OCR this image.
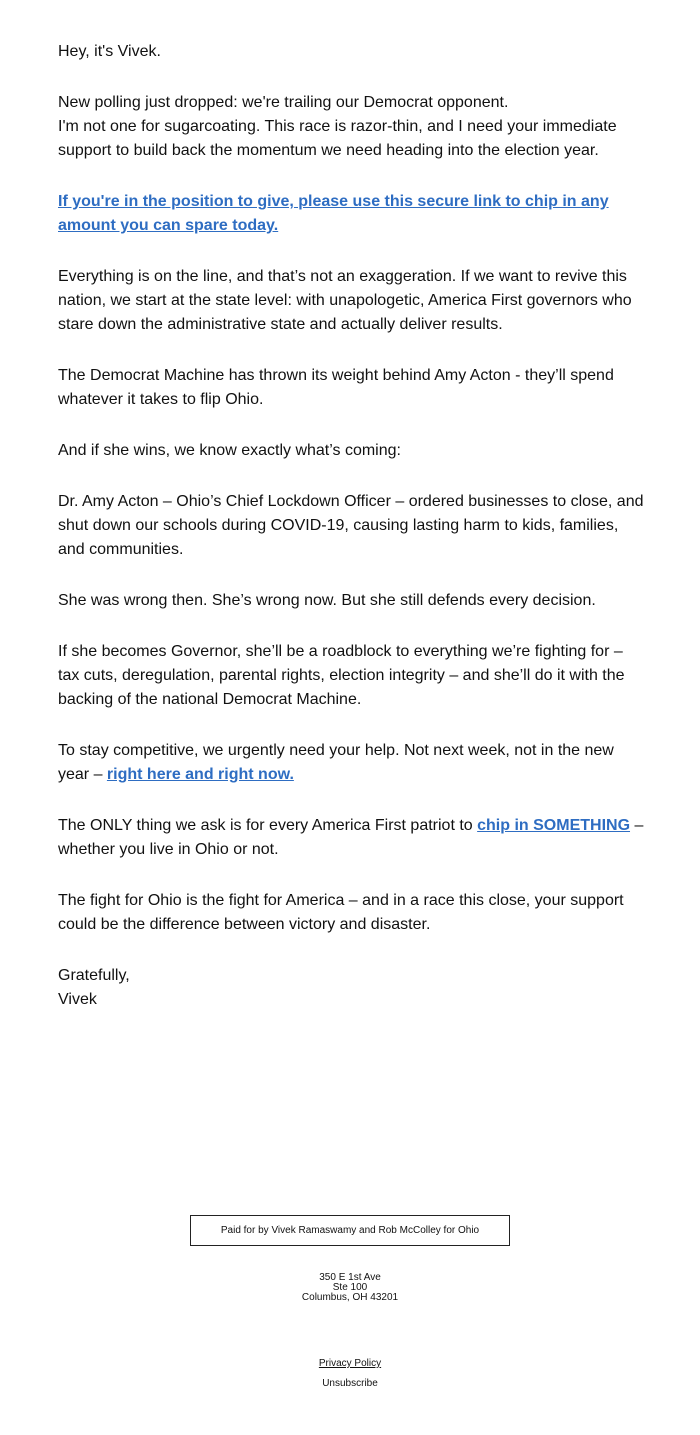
Hey, it's Vivek.

New polling just dropped: we're trailing our Democrat opponent.
I'm not one for sugarcoating. This race is razor-thin, and I need your immediate support to build back the momentum we need heading into the election year.

If you're in the position to give, please use this secure link to chip in any amount you can spare today.

Everything is on the line, and that’s not an exaggeration. If we want to revive this nation, we start at the state level: with unapologetic, America First governors who stare down the administrative state and actually deliver results.

The Democrat Machine has thrown its weight behind Amy Acton - they’ll spend whatever it takes to flip Ohio.

And if she wins, we know exactly what’s coming:

Dr. Amy Acton – Ohio’s Chief Lockdown Officer – ordered businesses to close, and shut down our schools during COVID-19, causing lasting harm to kids, families, and communities.

She was wrong then. She’s wrong now. But she still defends every decision.

If she becomes Governor, she’ll be a roadblock to everything we’re fighting for – tax cuts, deregulation, parental rights, election integrity – and she’ll do it with the backing of the national Democrat Machine.

To stay competitive, we urgently need your help. Not next week, not in the new year – right here and right now.

The ONLY thing we ask is for every America First patriot to chip in SOMETHING – whether you live in Ohio or not.

The fight for Ohio is the fight for America – and in a race this close, your support could be the difference between victory and disaster.

Gratefully,
Vivek

Paid for by Vivek Ramaswamy and Rob McColley for Ohio
350 E 1st Ave
Ste 100
Columbus, OH 43201
Privacy Policy
Unsubscribe
